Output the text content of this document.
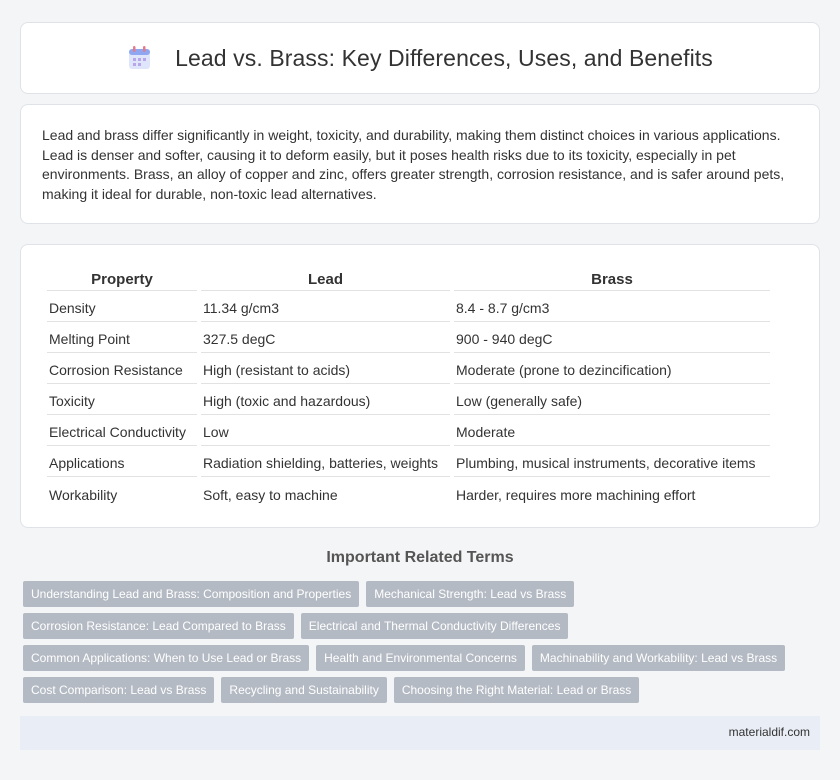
Lead vs. Brass: Key Differences, Uses, and Benefits

Lead and brass differ significantly in weight, toxicity, and durability, making them distinct choices in various applications. Lead is denser and softer, causing it to deform easily, but it poses health risks due to its toxicity, especially in pet environments. Brass, an alloy of copper and zinc, offers greater strength, corrosion resistance, and is safer around pets, making it ideal for durable, non-toxic lead alternatives.

Property	Lead	Brass
Density	11.34 g/cm3	8.4 - 8.7 g/cm3
Melting Point	327.5 degC	900 - 940 degC
Corrosion Resistance	High (resistant to acids)	Moderate (prone to dezincification)
Toxicity	High (toxic and hazardous)	Low (generally safe)
Electrical Conductivity	Low	Moderate
Applications	Radiation shielding, batteries, weights	Plumbing, musical instruments, decorative items
Workability	Soft, easy to machine	Harder, requires more machining effort
Important Related Terms
Understanding Lead and Brass: Composition and Properties	Mechanical Strength: Lead vs Brass
Corrosion Resistance: Lead Compared to Brass	Electrical and Thermal Conductivity Differences
Common Applications: When to Use Lead or Brass	Health and Environmental Concerns	Machinability and Workability: Lead vs Brass
Cost Comparison: Lead vs Brass	Recycling and Sustainability	Choosing the Right Material: Lead or Brass
materialdif.com
